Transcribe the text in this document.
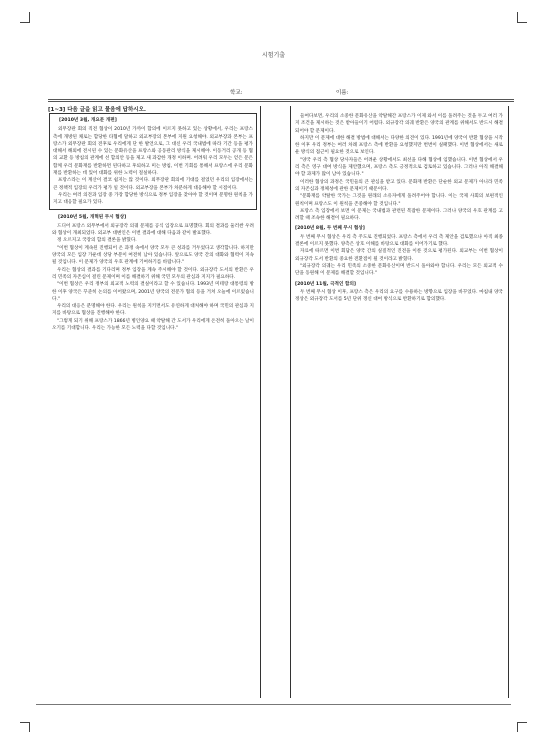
시험기출
학교:	이름:
[1~3] 다음 글을 읽고 물음에 답하시오.
[2010년 3월, 개요문 개편]

외무장관 회의 직전 협상이 2010년 가까이 합의에 이르지 못하고 있는 상황에서, 우리는 프랑스 측에 개방된 채로는 합당한 타협에 달하고 외교부장의 본부에 지원 요청해야. 외교부장과 본부는 프랑스가 외무장관 회의 전후로 우리에게 단 한 발언으로, 그 대신 우리 국내법에 따라 기간 등을 평가 대해서 해외에 전시된 수 있는 문화유산을 프랑스와 공동관리 방식을 제시해야. 이동거리 공개 등 협의 교환 등 방침의 관계에 선 합의안 등을 제고 새 과감한 개정 이하며. 어려워 우리 모두는 얻은 문은 함께 우리 문화재를 반환하면 된다하고 후퇴하고 미는 방침, 이번 기회를 통해서 프랑스에 우리 문화재를 반환하는 데 있어 대화를 위한 노력이 절실하다.

프랑스라는 이 계산이 결코 쉽지는 않 것이다. 외무장관 회의에 기대를 걸었던 우리의 입장에서는 큰 정책적 입장의 우리가 평가 일 것이다. 외교부장을 본부가 차분하게 대응해야 할 시점이다.

우리는 여러 의견과 입장 중 가장 합당한 방식으로 정부 입장을 찾아야 할 것이며 분명한 원칙을 가지고 대응할 필요가 있다.

[2010년 5월, 개혁된 무시 협상]

드디어 프랑스 외무부에서 외규장각 의궤 문제를 공식 입장으로 표명했다. 회의 결과를 둘러싼 우려와 협상이 개최되었다. 외교부 대변인은 이번 결과에 대해 다음과 같이 발표했다.

정 오르지고 국장의 합의 결론을 밝혔다.

"이번 협상이 계속된 진행되어 온 과정 속에서 양국 모두 큰 성과를 거두었다고 생각합니다. 하지만 양국의 모든 입장 가운데 상당 부분이 여전히 남아 있습니다. 앞으로도 양국 간의 대화와 협력이 지속될 것입니다. 이 문제가 양국의 우호 관계에 기여하기를 바랍니다."

우리는 협상의 결과를 기다리며 정부 입장을 계속 주시해야 할 것이다. 외규장각 도서의 반환은 우리 민족의 자존심이 걸린 문제이며 이를 해결하기 위해 국민 모두의 관심과 지지가 필요하다.

"이번 협상은 우리 정부의 외교적 노력의 결실이라고 할 수 있습니다. 1993년 미테랑 대통령의 방한 이후 양국은 꾸준히 논의를 이어왔으며, 2001년 양국의 전문가 협의 등을 거쳐 오늘에 이르렀습니다."

우리의 대응은 분명해야 한다. 우리는 원칙을 지키면서도 유연하게 대처해야 하며 국민의 관심과 지지를 바탕으로 협상을 진행해야 한다.

"그렇게 되기 위해 프랑스가 1866년 병인양요 때 약탈해 간 도서가 우리에게 온전히 돌아오는 날이 오기를 기대합니다. 우리는 가능한 모든 노력을 다할 것입니다."

들여다보면, 우리의 소중한 문화유산을 약탈해간 프랑스가 이제 와서 이를 돌려주는 것을 두고 여러 가지 조건을 제시하는 것은 받아들이기 어렵다. 외규장각 의궤 반환은 양국의 관계를 위해서도 반드시 해결되어야 할 문제이다.

하지만 이 문제에 대한 해결 방법에 대해서는 다양한 의견이 있다. 1991년에 양국이 반환 협상을 시작한 이후 우리 정부는 여러 차례 프랑스 측에 반환을 요청했지만 번번이 실패했다. 이번 협상에서는 새로운 방식의 접근이 필요한 것으로 보인다.

"양국 우리 측 협상 당사자들은 어려운 상황에서도 최선을 다해 협상에 임했습니다. 이번 협상에서 우리 측은 영구 대여 방식을 제안했으며, 프랑스 측도 긍정적으로 검토하고 있습니다. 그러나 아직 해결해야 할 과제가 많이 남아 있습니다."

이러한 협상의 과정은 국민들의 큰 관심을 받고 있다. 문화재 반환은 단순한 외교 문제가 아니라 민족의 자존심과 정체성에 관한 문제이기 때문이다.

"문화재를 약탈한 국가는 그것을 원래의 소유자에게 돌려주어야 합니다. 이는 국제 사회의 보편적인 원칙이며 프랑스도 이 원칙을 존중해야 할 것입니다."

프랑스 측 입장에서 보면 이 문제는 국내법과 관련된 복잡한 문제이다. 그러나 양국의 우호 관계를 고려할 때 조속한 해결이 필요하다.

[2010년 8월, 두 번째 무시 협상]

두 번째 무시 협상은 우리 측 주도로 진행되었다. 프랑스 측에서 우리 측 제안을 검토했으나 아직 최종 결론에 이르지 못했다. 양측은 상호 이해를 바탕으로 대화를 이어가기로 했다.

자료에 따르면 이번 회담은 양국 간의 실질적인 진전을 이룬 것으로 평가된다. 외교부는 이번 협상이 외규장각 도서 반환의 중요한 전환점이 될 것이라고 밝혔다.

"외규장각 의궤는 우리 민족의 소중한 문화유산이며 반드시 돌아와야 합니다. 우리는 모든 외교적 수단을 동원해 이 문제를 해결할 것입니다."

[2010년 11월, 극적인 합의]

두 번째 무시 협상 이후, 프랑스 측은 우리의 요구를 수용하는 방향으로 입장을 바꾸었다. 마침내 양국 정상은 외규장각 도서를 5년 단위 갱신 대여 방식으로 반환하기로 합의했다.
